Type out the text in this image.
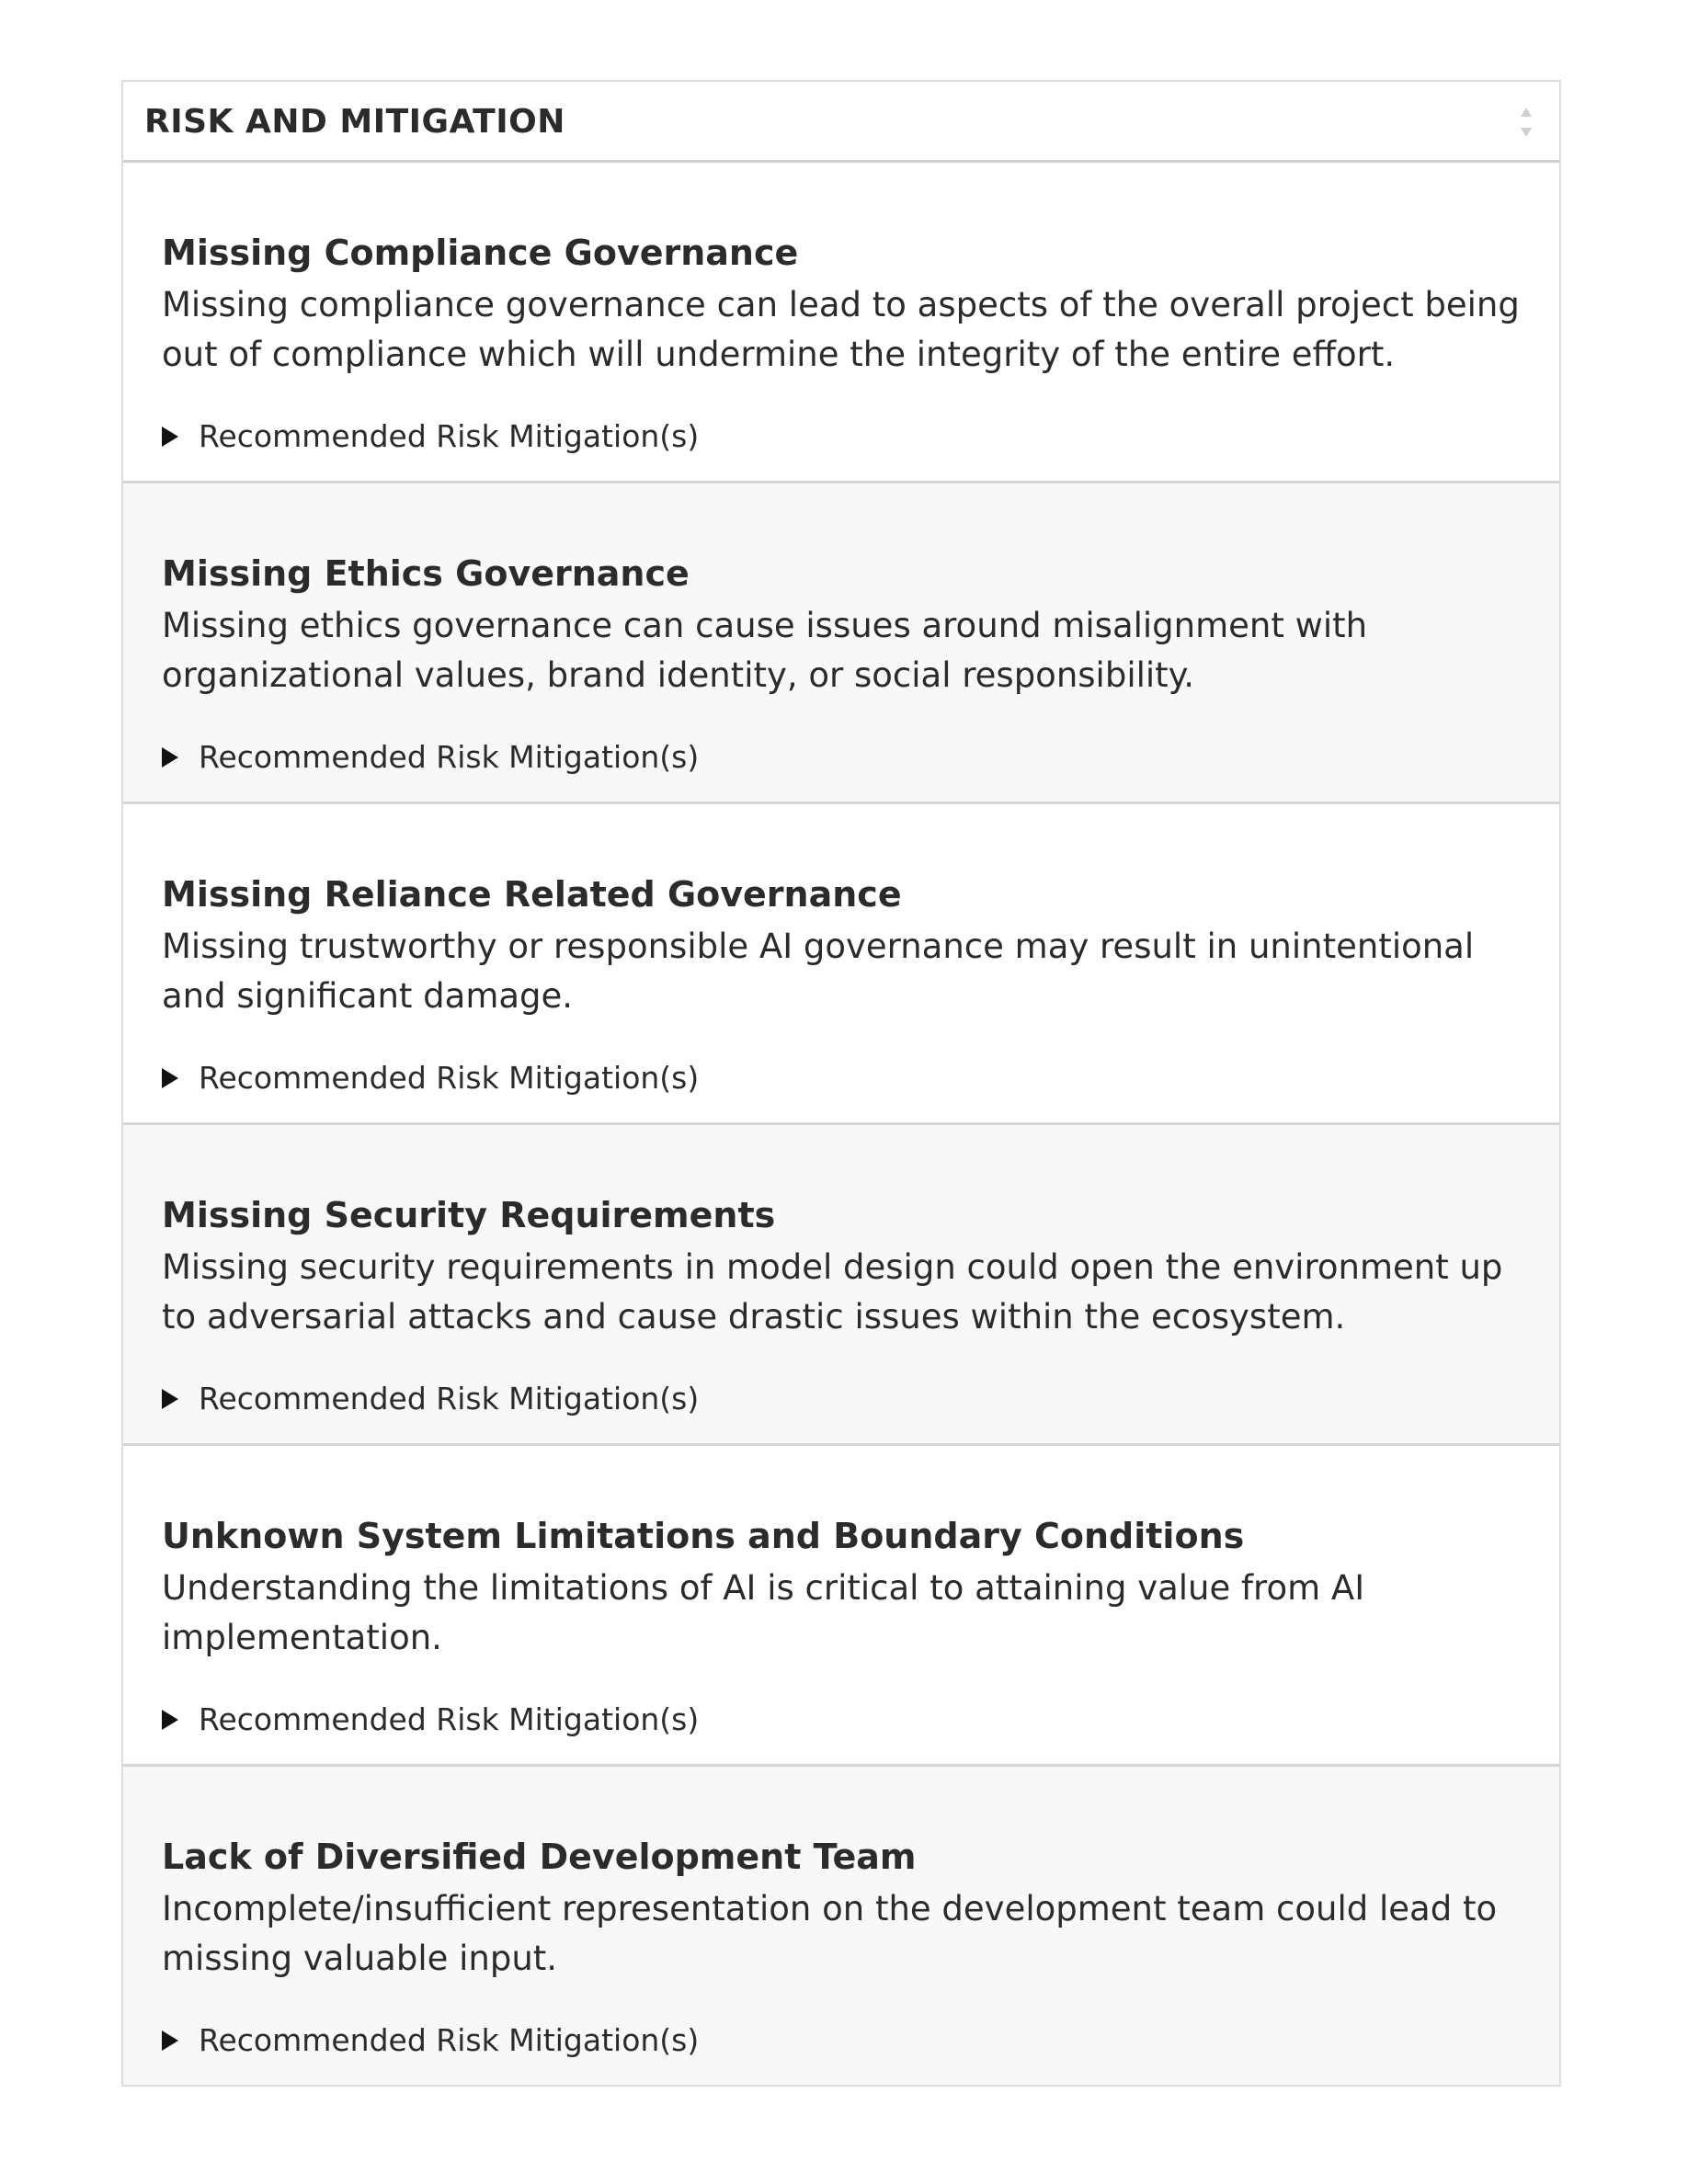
RISK AND MITIGATION
Missing Compliance Governance
Missing compliance governance can lead to aspects of the overall project being out of compliance which will undermine the integrity of the entire effort.
Recommended Risk Mitigation(s)
Missing Ethics Governance
Missing ethics governance can cause issues around misalignment with organizational values, brand identity, or social responsibility.
Recommended Risk Mitigation(s)
Missing Reliance Related Governance
Missing trustworthy or responsible AI governance may result in unintentional and significant damage.
Recommended Risk Mitigation(s)
Missing Security Requirements
Missing security requirements in model design could open the environment up to adversarial attacks and cause drastic issues within the ecosystem.
Recommended Risk Mitigation(s)
Unknown System Limitations and Boundary Conditions
Understanding the limitations of AI is critical to attaining value from AI implementation.
Recommended Risk Mitigation(s)
Lack of Diversified Development Team
Incomplete/insufficient representation on the development team could lead to missing valuable input.
Recommended Risk Mitigation(s)
